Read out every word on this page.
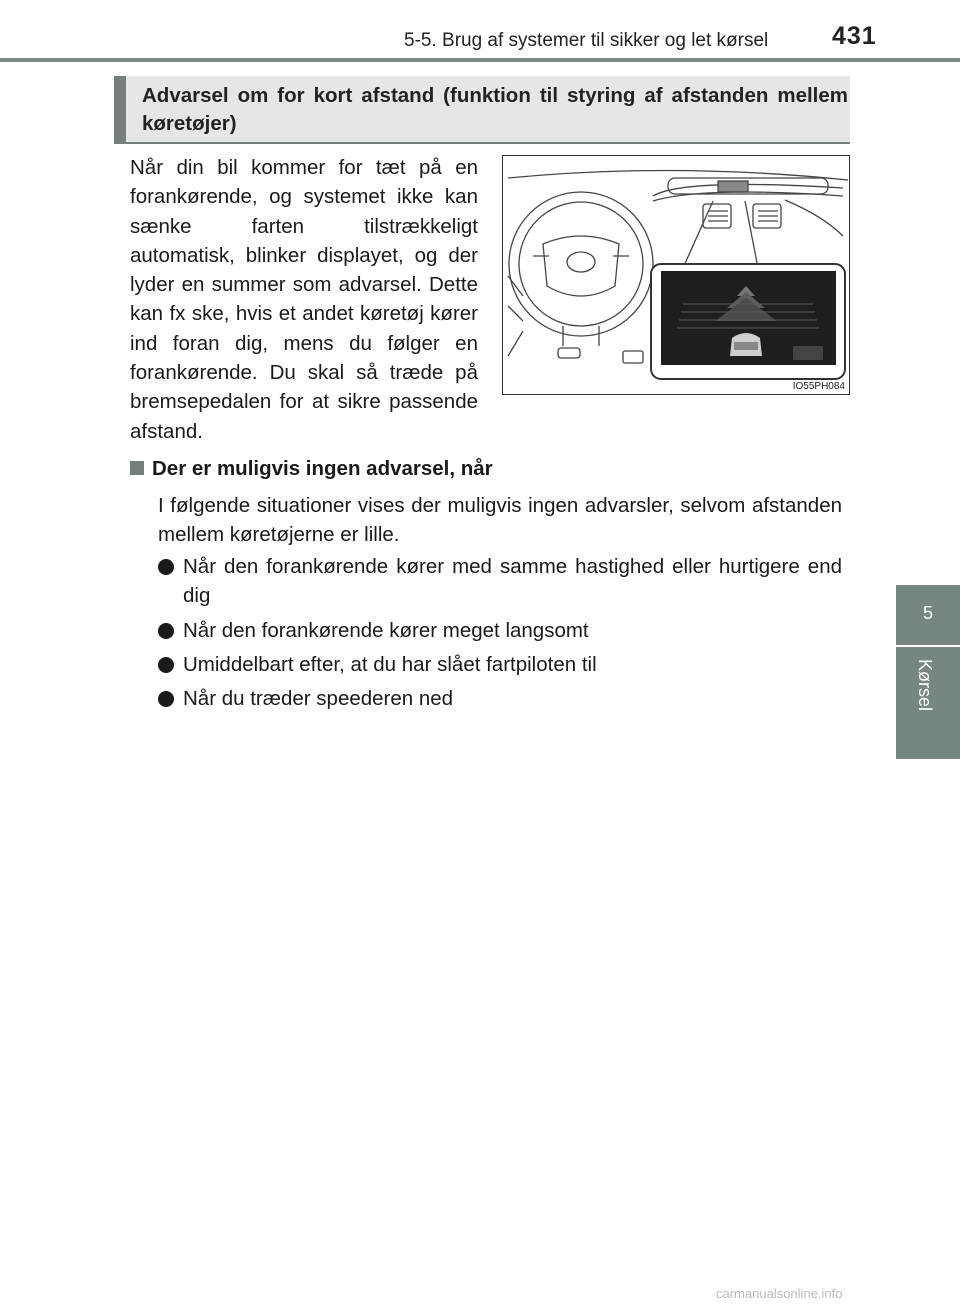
5-5. Brug af systemer til sikker og let kørsel	431
5
Kørsel
Advarsel om for kort afstand (funktion til styring af afstanden mellem køretøjer)
Når din bil kommer for tæt på en forankørende, og systemet ikke kan sænke farten tilstrækkeligt automatisk, blinker displayet, og der lyder en summer som advarsel. Dette kan fx ske, hvis et andet køretøj kører ind foran dig, mens du følger en forankørende. Du skal så træde på bremsepedalen for at sikre passende afstand.
IO55PH084
Der er muligvis ingen advarsel, når
I følgende situationer vises der muligvis ingen advarsler, selvom afstanden mellem køretøjerne er lille.
Når den forankørende kører med samme hastighed eller hurtigere end dig
Når den forankørende kører meget langsomt
Umiddelbart efter, at du har slået fartpiloten til
Når du træder speederen ned
carmanualsonline.info
